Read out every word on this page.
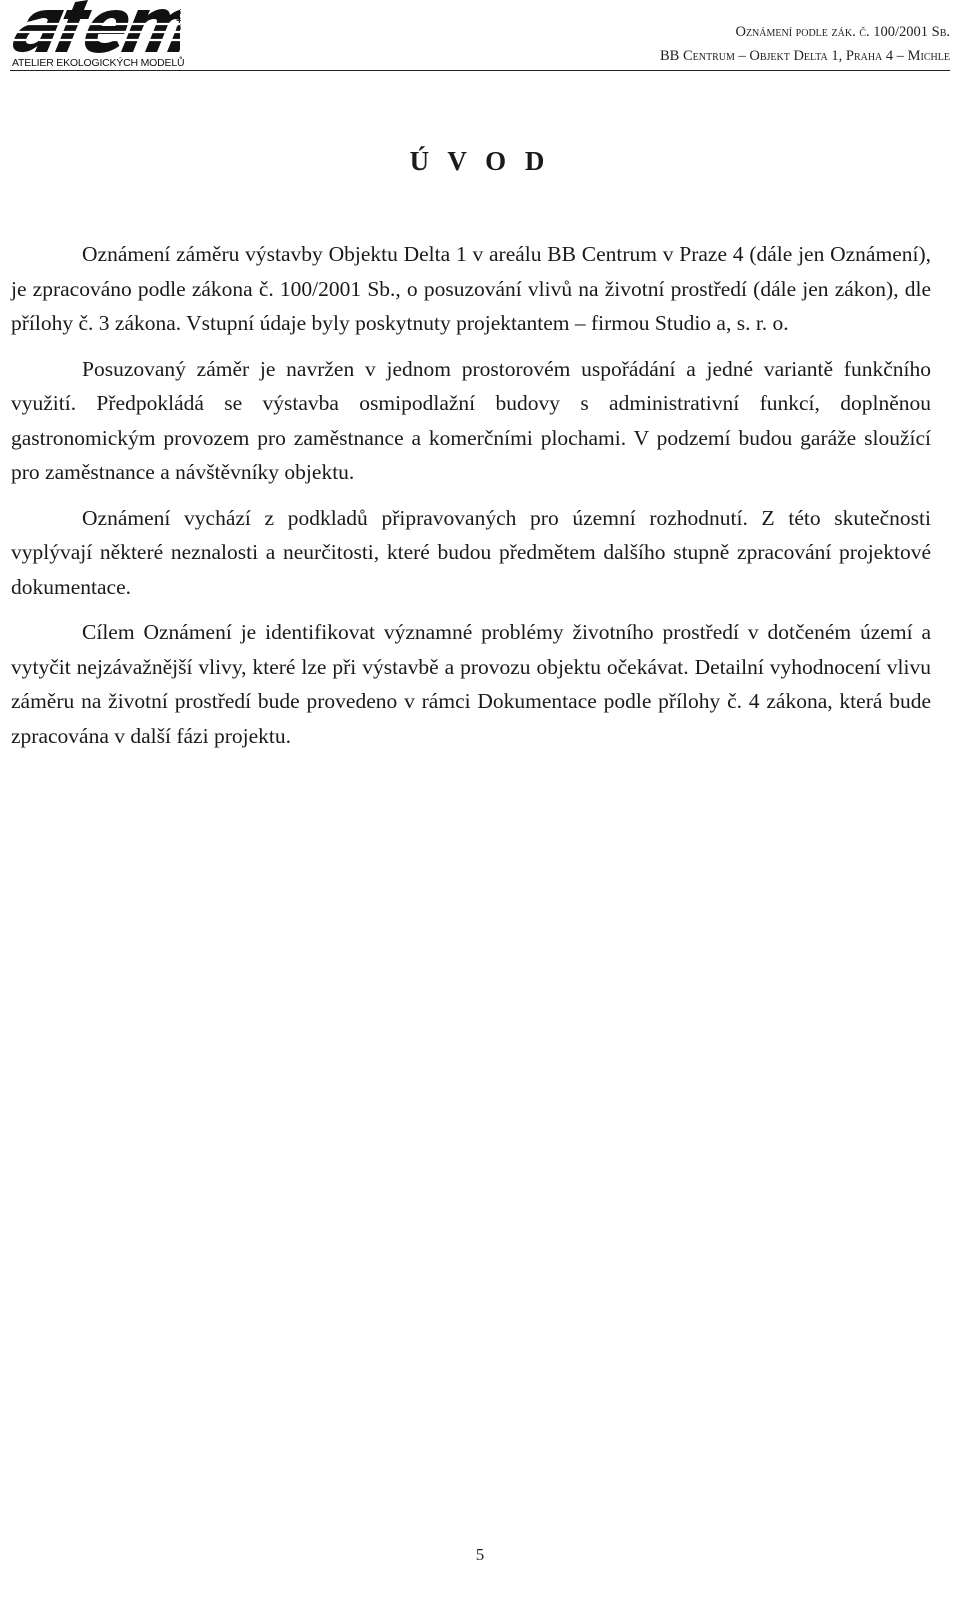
ATELIER EKOLOGICKÝCH MODELŮ
s. r. o.
Oznámení podle zák. č. 100/2001 Sb.
BB Centrum – Objekt Delta 1, Praha 4 – Michle
Ú V O D

Oznámení záměru výstavby Objektu Delta 1 v areálu BB Centrum v Praze 4 (dále jen Oznámení), je zpracováno podle zákona č. 100/2001 Sb., o posuzování vlivů na životní prostředí (dále jen zákon), dle přílohy č. 3 zákona. Vstupní údaje byly poskytnuty projektantem – firmou Studio a, s. r. o.

Posuzovaný záměr je navržen v jednom prostorovém uspořádání a jedné variantě funkčního využití. Předpokládá se výstavba osmipodlažní budovy s administrativní funkcí, doplněnou gastronomickým provozem pro zaměstnance a komerčními plochami. V podzemí budou garáže sloužící pro zaměstnance a návštěvníky objektu.

Oznámení vychází z podkladů připravovaných pro územní rozhodnutí. Z této skutečnosti vyplývají některé neznalosti a neurčitosti, které budou předmětem dalšího stupně zpracování projektové dokumentace.

Cílem Oznámení je identifikovat významné problémy životního prostředí v dotčeném území a vytyčit nejzávažnější vlivy, které lze při výstavbě a provozu objektu očekávat. Detailní vyhodnocení vlivu záměru na životní prostředí bude provedeno v rámci Dokumentace podle přílohy č. 4 zákona, která bude zpracována v další fázi projektu.

5
